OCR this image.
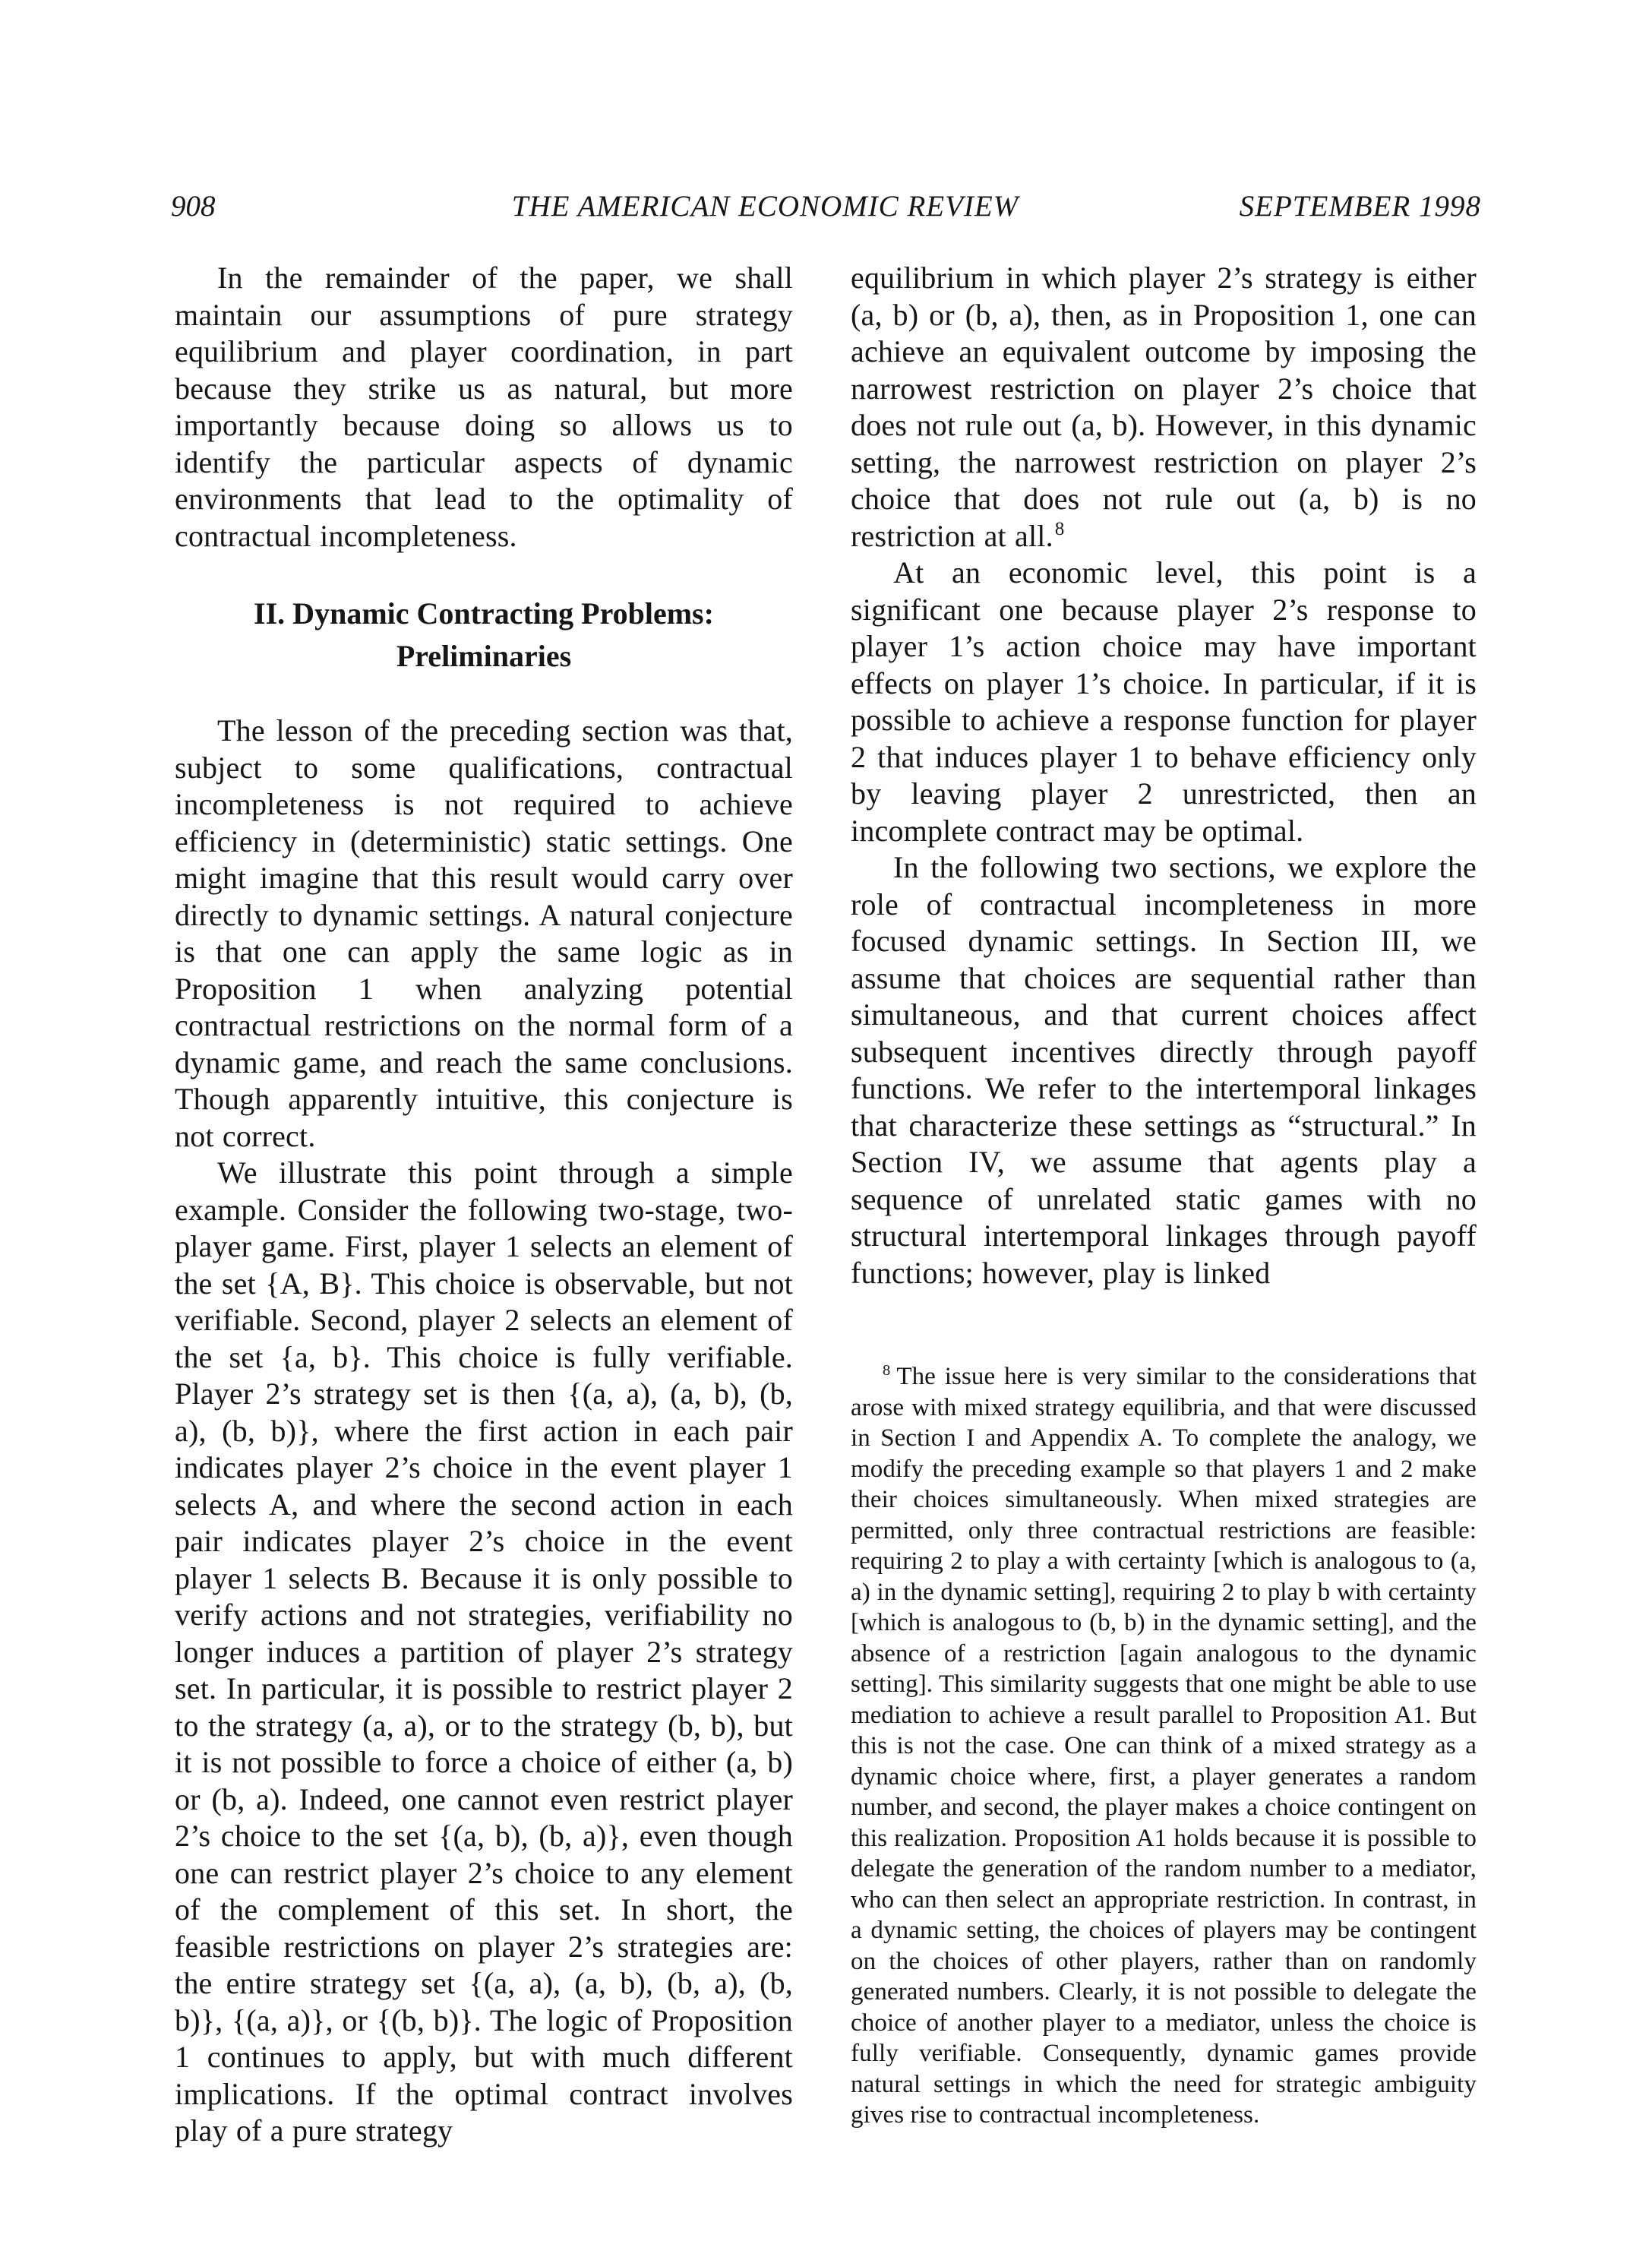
908	THE AMERICAN ECONOMIC REVIEW	SEPTEMBER 1998

In the remainder of the paper, we shall maintain our assumptions of pure strategy equilibrium and player coordination, in part because they strike us as natural, but more importantly because doing so allows us to identify the particular aspects of dynamic environments that lead to the optimality of contractual incompleteness.

II. Dynamic Contracting Problems:
Preliminaries

The lesson of the preceding section was that, subject to some qualifications, contractual incompleteness is not required to achieve efficiency in (deterministic) static settings. One might imagine that this result would carry over directly to dynamic settings. A natural conjecture is that one can apply the same logic as in Proposition 1 when analyzing potential contractual restrictions on the normal form of a dynamic game, and reach the same conclusions. Though apparently intuitive, this conjecture is not correct.

We illustrate this point through a simple example. Consider the following two-stage, two-player game. First, player 1 selects an element of the set {A, B}. This choice is observable, but not verifiable. Second, player 2 selects an element of the set {a, b}. This choice is fully verifiable. Player 2’s strategy set is then {(a, a), (a, b), (b, a), (b, b)}, where the first action in each pair indicates player 2’s choice in the event player 1 selects A, and where the second action in each pair indicates player 2’s choice in the event player 1 selects B. Because it is only possible to verify actions and not strategies, verifiability no longer induces a partition of player 2’s strategy set. In particular, it is possible to restrict player 2 to the strategy (a, a), or to the strategy (b, b), but it is not possible to force a choice of either (a, b) or (b, a). Indeed, one cannot even restrict player 2’s choice to the set {(a, b), (b, a)}, even though one can restrict player 2’s choice to any element of the complement of this set. In short, the feasible restrictions on player 2’s strategies are: the entire strategy set {(a, a), (a, b), (b, a), (b, b)}, {(a, a)}, or {(b, b)}. The logic of Proposition 1 continues to apply, but with much different implications. If the optimal contract involves play of a pure strategy

equilibrium in which player 2’s strategy is either (a, b) or (b, a), then, as in Proposition 1, one can achieve an equivalent outcome by imposing the narrowest restriction on player 2’s choice that does not rule out (a, b). However, in this dynamic setting, the narrowest restriction on player 2’s choice that does not rule out (a, b) is no restriction at all.$^8$

At an economic level, this point is a significant one because player 2’s response to player 1’s action choice may have important effects on player 1’s choice. In particular, if it is possible to achieve a response function for player 2 that induces player 1 to behave efficiency only by leaving player 2 unrestricted, then an incomplete contract may be optimal.

In the following two sections, we explore the role of contractual incompleteness in more focused dynamic settings. In Section III, we assume that choices are sequential rather than simultaneous, and that current choices affect subsequent incentives directly through payoff functions. We refer to the intertemporal linkages that characterize these settings as “structural.” In Section IV, we assume that agents play a sequence of unrelated static games with no structural intertemporal linkages through payoff functions; however, play is linked

$^8$ The issue here is very similar to the considerations that arose with mixed strategy equilibria, and that were discussed in Section I and Appendix A. To complete the analogy, we modify the preceding example so that players 1 and 2 make their choices simultaneously. When mixed strategies are permitted, only three contractual restrictions are feasible: requiring 2 to play a with certainty [which is analogous to (a, a) in the dynamic setting], requiring 2 to play b with certainty [which is analogous to (b, b) in the dynamic setting], and the absence of a restriction [again analogous to the dynamic setting]. This similarity suggests that one might be able to use mediation to achieve a result parallel to Proposition A1. But this is not the case. One can think of a mixed strategy as a dynamic choice where, first, a player generates a random number, and second, the player makes a choice contingent on this realization. Proposition A1 holds because it is possible to delegate the generation of the random number to a mediator, who can then select an appropriate restriction. In contrast, in a dynamic setting, the choices of players may be contingent on the choices of other players, rather than on randomly generated numbers. Clearly, it is not possible to delegate the choice of another player to a mediator, unless the choice is fully verifiable. Consequently, dynamic games provide natural settings in which the need for strategic ambiguity gives rise to contractual incompleteness.
